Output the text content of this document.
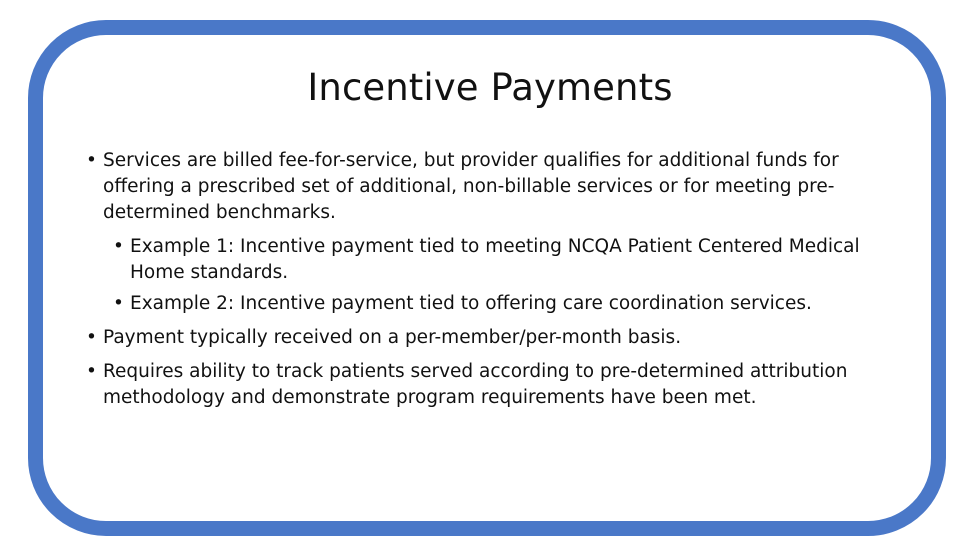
Incentive Payments
• Services are billed fee-for-service, but provider qualifies for additional funds for offering a prescribed set of additional, non-billable services or for meeting pre-determined benchmarks.
• Example 1: Incentive payment tied to meeting NCQA Patient Centered Medical Home standards.
• Example 2: Incentive payment tied to offering care coordination services.
• Payment typically received on a per-member/per-month basis.
• Requires ability to track patients served according to pre-determined attribution methodology and demonstrate program requirements have been met.
